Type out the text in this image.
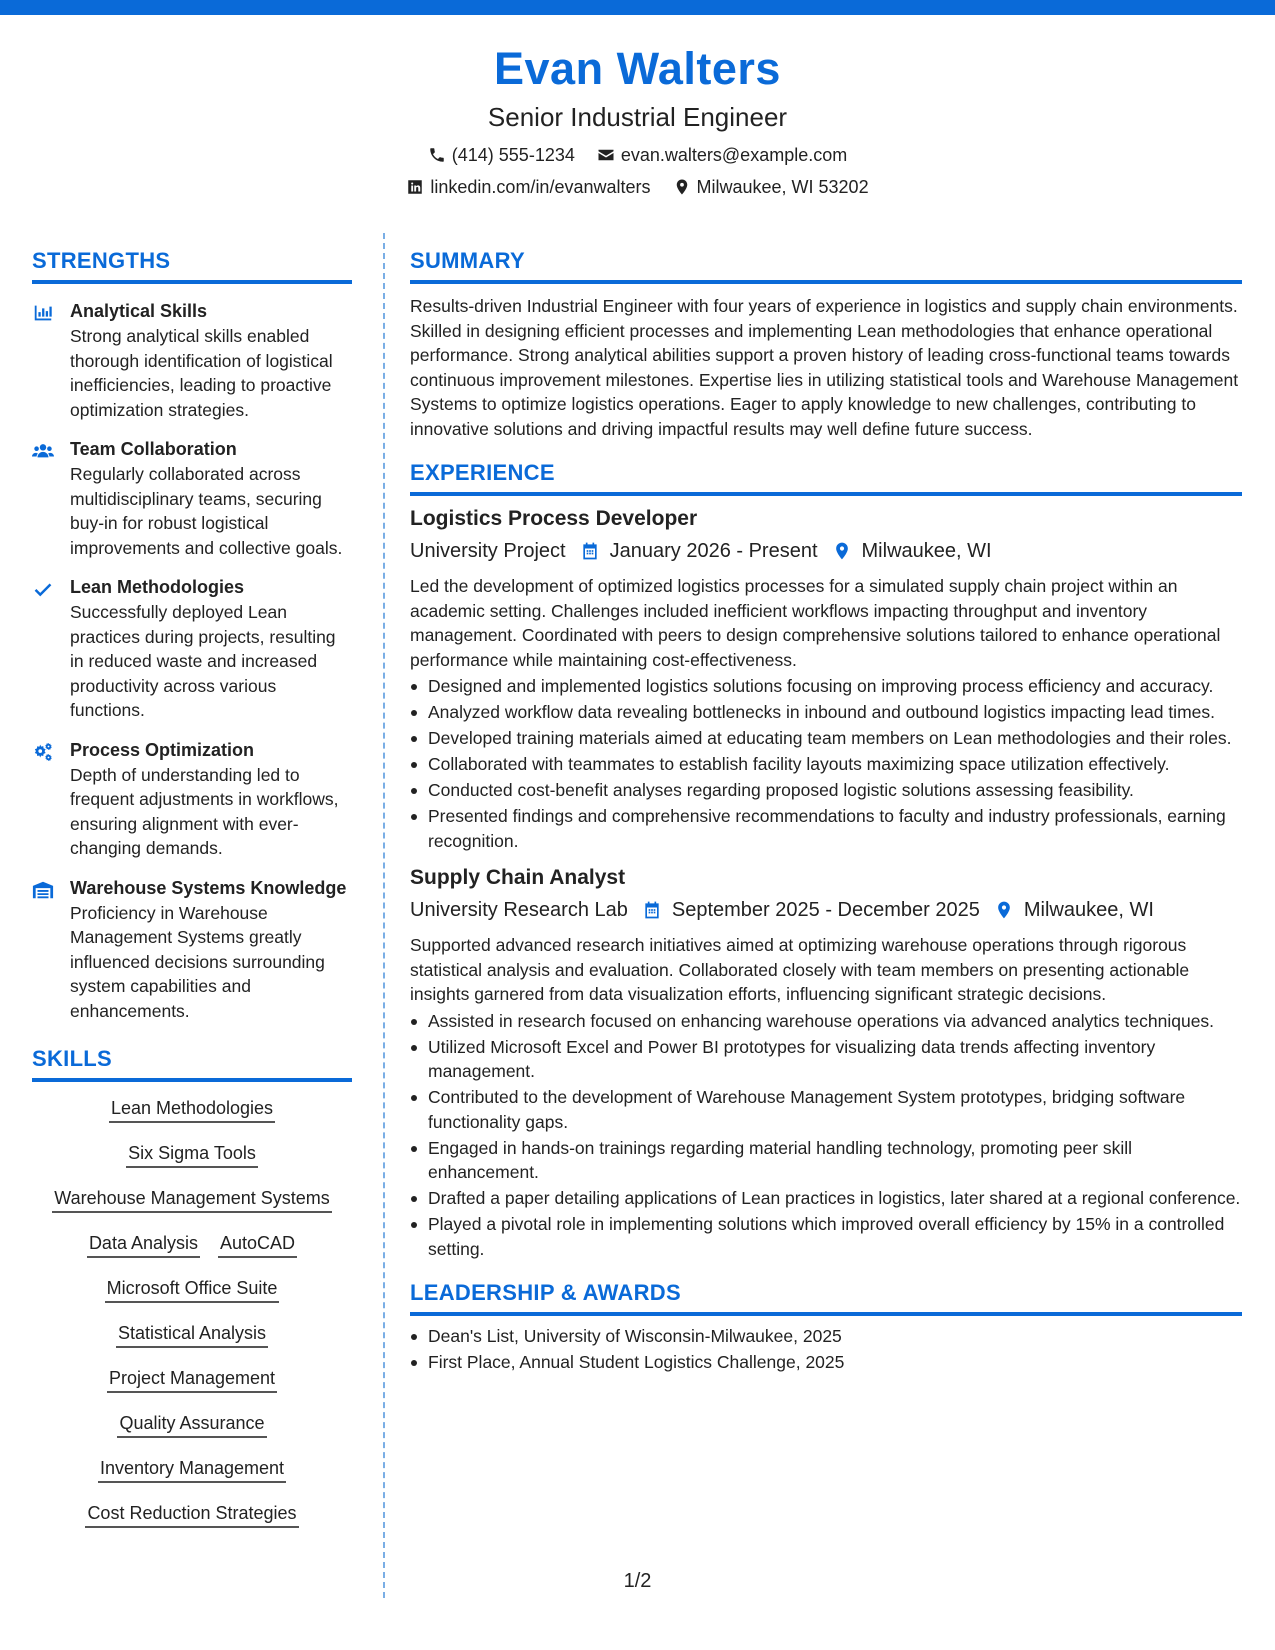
Evan Walters
Senior Industrial Engineer
(414) 555-1234	evan.walters@example.com
linkedin.com/in/evanwalters	Milwaukee, WI 53202
STRENGTHS
Analytical Skills
Strong analytical skills enabled thorough identification of logistical inefficiencies, leading to proactive optimization strategies.
Team Collaboration
Regularly collaborated across multidisciplinary teams, securing buy-in for robust logistical improvements and collective goals.
Lean Methodologies
Successfully deployed Lean practices during projects, resulting in reduced waste and increased productivity across various functions.
Process Optimization
Depth of understanding led to frequent adjustments in workflows, ensuring alignment with ever-changing demands.
Warehouse Systems Knowledge
Proficiency in Warehouse Management Systems greatly influenced decisions surrounding system capabilities and enhancements.
SKILLS
Lean Methodologies
Six Sigma Tools
Warehouse Management Systems
Data Analysis AutoCAD
Microsoft Office Suite
Statistical Analysis
Project Management
Quality Assurance
Inventory Management
Cost Reduction Strategies
SUMMARY
Results-driven Industrial Engineer with four years of experience in logistics and supply chain environments. Skilled in designing efficient processes and implementing Lean methodologies that enhance operational performance. Strong analytical abilities support a proven history of leading cross-functional teams towards continuous improvement milestones. Expertise lies in utilizing statistical tools and Warehouse Management Systems to optimize logistics operations. Eager to apply knowledge to new challenges, contributing to innovative solutions and driving impactful results may well define future success.
EXPERIENCE
Logistics Process Developer
University Project January 2026 - Present Milwaukee, WI
Led the development of optimized logistics processes for a simulated supply chain project within an academic setting. Challenges included inefficient workflows impacting throughput and inventory management. Coordinated with peers to design comprehensive solutions tailored to enhance operational performance while maintaining cost-effectiveness.
Designed and implemented logistics solutions focusing on improving process efficiency and accuracy.
Analyzed workflow data revealing bottlenecks in inbound and outbound logistics impacting lead times.
Developed training materials aimed at educating team members on Lean methodologies and their roles.
Collaborated with teammates to establish facility layouts maximizing space utilization effectively.
Conducted cost-benefit analyses regarding proposed logistic solutions assessing feasibility.
Presented findings and comprehensive recommendations to faculty and industry professionals, earning recognition.
Supply Chain Analyst
University Research Lab September 2025 - December 2025 Milwaukee, WI
Supported advanced research initiatives aimed at optimizing warehouse operations through rigorous statistical analysis and evaluation. Collaborated closely with team members on presenting actionable insights garnered from data visualization efforts, influencing significant strategic decisions.
Assisted in research focused on enhancing warehouse operations via advanced analytics techniques.
Utilized Microsoft Excel and Power BI prototypes for visualizing data trends affecting inventory management.
Contributed to the development of Warehouse Management System prototypes, bridging software functionality gaps.
Engaged in hands-on trainings regarding material handling technology, promoting peer skill enhancement.
Drafted a paper detailing applications of Lean practices in logistics, later shared at a regional conference.
Played a pivotal role in implementing solutions which improved overall efficiency by 15% in a controlled setting.
LEADERSHIP & AWARDS
Dean's List, University of Wisconsin-Milwaukee, 2025
First Place, Annual Student Logistics Challenge, 2025
1/2
